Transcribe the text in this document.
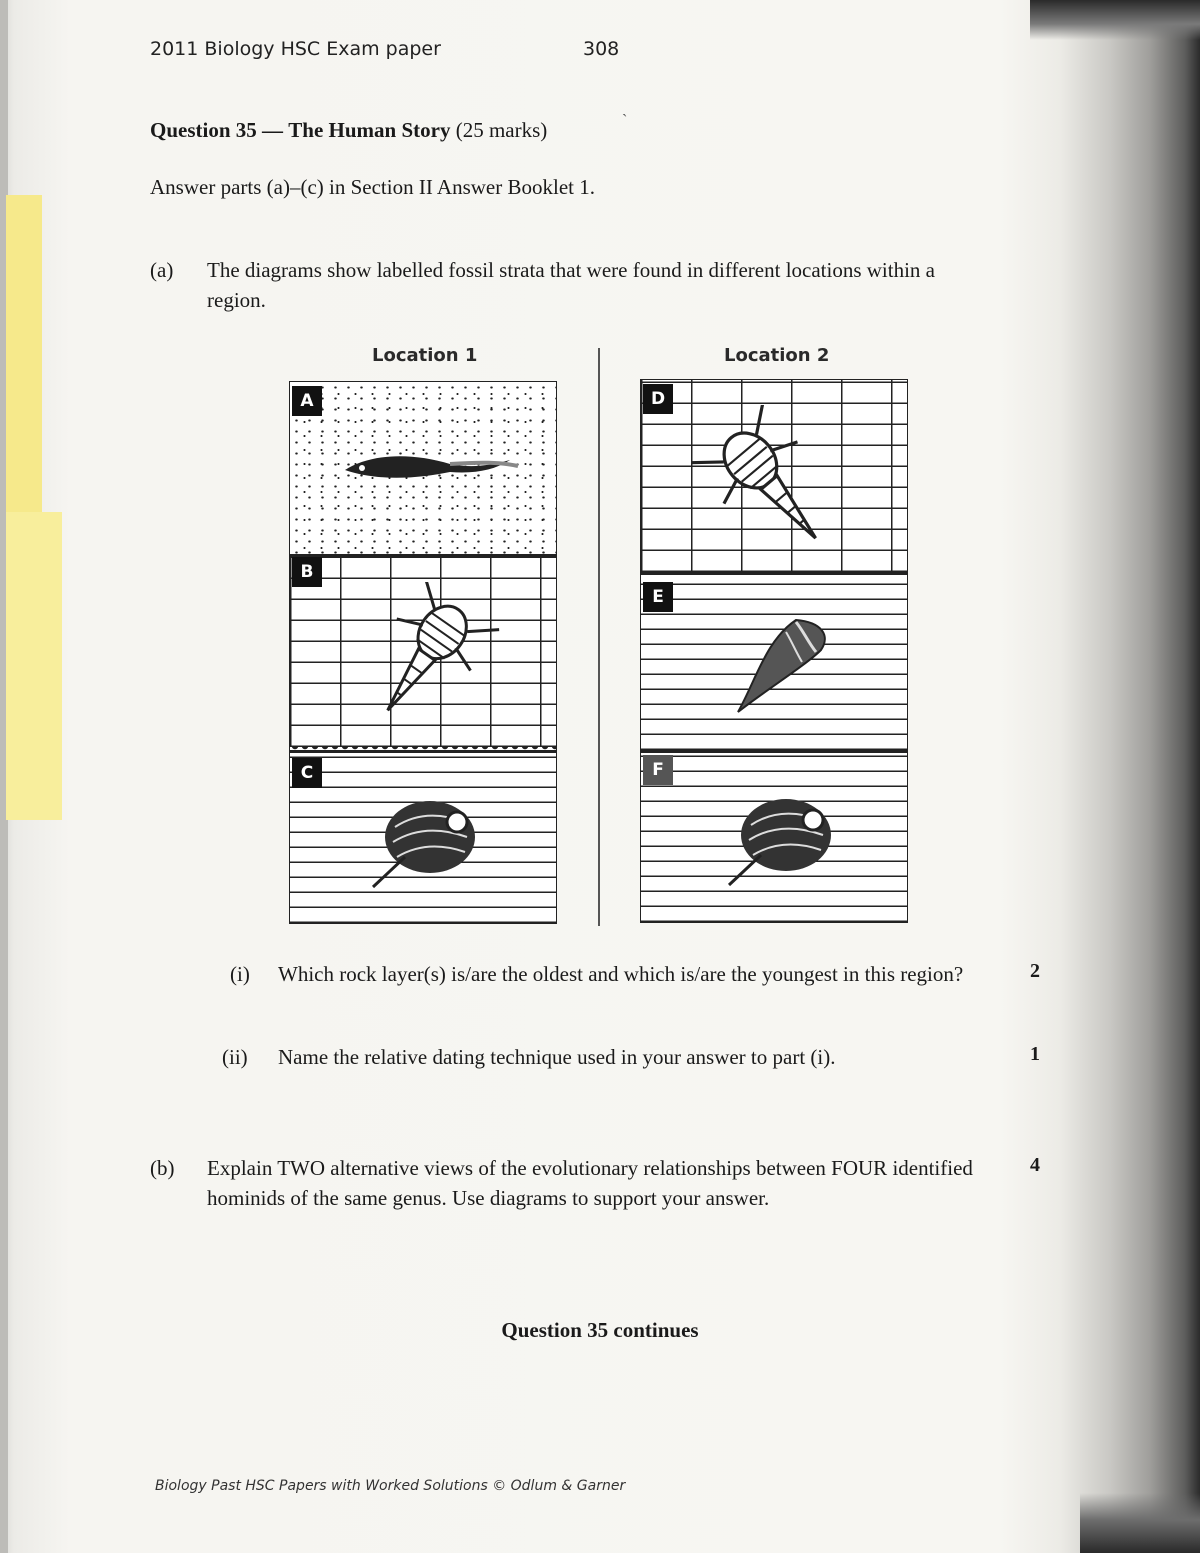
2011 Biology HSC Exam paper	308
Question 35 — The Human Story (25 marks)	ˋ
Answer parts (a)–(c) in Section II Answer Booklet 1.
(a) The diagrams show labelled fossil strata that were found in different locations within a region.
Location 1	Location 2
A
B
C
D
E
F
(i) Which rock layer(s) is/are the oldest and which is/are the youngest in this region?	2
(ii) Name the relative dating technique used in your answer to part (i).	1
(b) Explain TWO alternative views of the evolutionary relationships between FOUR identified hominids of the same genus. Use diagrams to support your answer.
4
Question 35 continues
Biology Past HSC Papers with Worked Solutions © Odlum & Garner
